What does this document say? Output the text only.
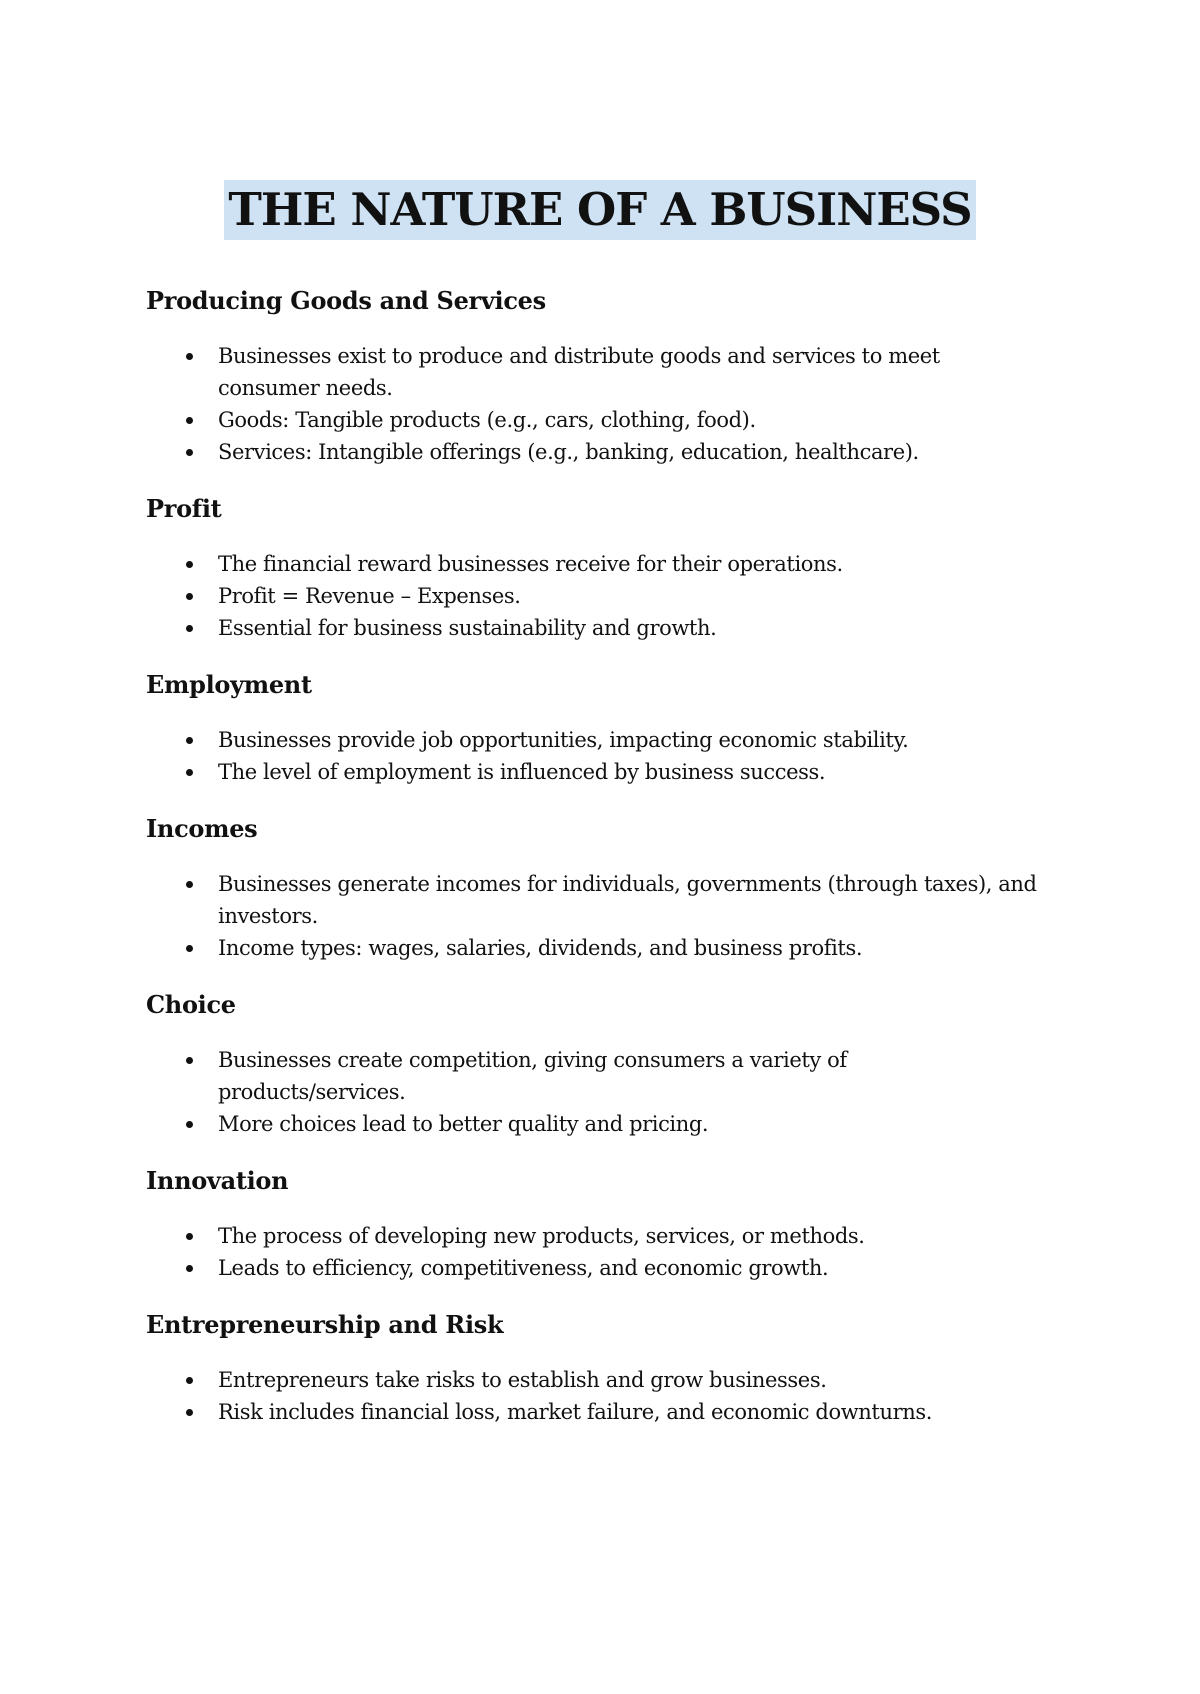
THE NATURE OF A BUSINESS
Producing Goods and Services
Businesses exist to produce and distribute goods and services to meet consumer needs.
Goods: Tangible products (e.g., cars, clothing, food).
Services: Intangible offerings (e.g., banking, education, healthcare).
Profit
The financial reward businesses receive for their operations.
Profit = Revenue – Expenses.
Essential for business sustainability and growth.
Employment
Businesses provide job opportunities, impacting economic stability.
The level of employment is influenced by business success.
Incomes
Businesses generate incomes for individuals, governments (through taxes), and investors.
Income types: wages, salaries, dividends, and business profits.
Choice
Businesses create competition, giving consumers a variety of products/services.
More choices lead to better quality and pricing.
Innovation
The process of developing new products, services, or methods.
Leads to efficiency, competitiveness, and economic growth.
Entrepreneurship and Risk
Entrepreneurs take risks to establish and grow businesses.
Risk includes financial loss, market failure, and economic downturns.
